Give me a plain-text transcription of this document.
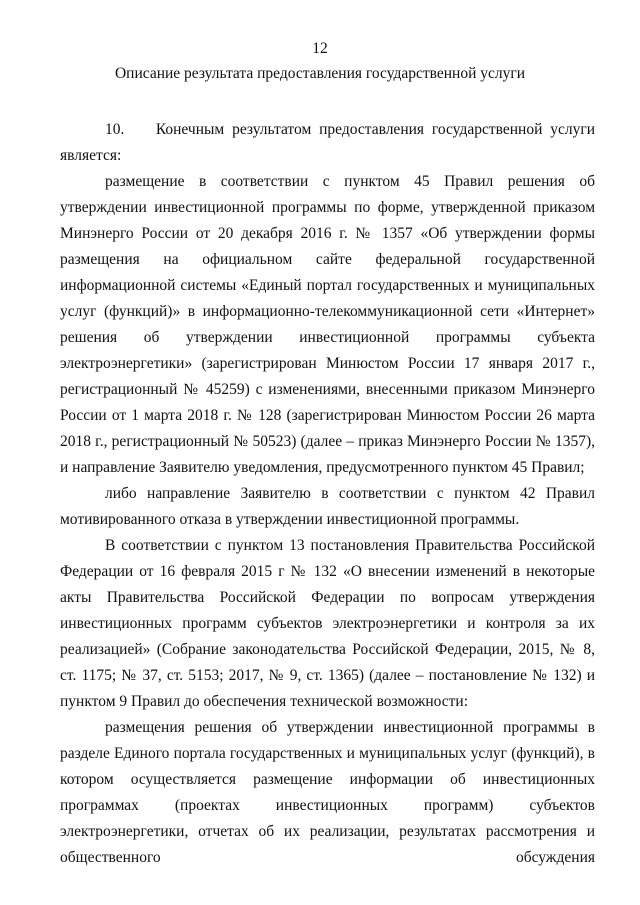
12
Описание результата предоставления государственной услуги

10.    Конечным результатом предоставления государственной услуги является:

размещение в соответствии с пунктом 45 Правил решения об утверждении инвестиционной программы по форме, утвержденной приказом Минэнерго России от 20 декабря 2016 г. № 1357 «Об утверждении формы размещения на официальном сайте федеральной государственной информационной системы «Единый портал государственных и муниципальных услуг (функций)» в информационно-телекоммуникационной сети «Интернет» решения об утверждении инвестиционной программы субъекта электроэнергетики» (зарегистрирован Минюстом России 17 января 2017 г., регистрационный № 45259) с изменениями, внесенными приказом Минэнерго России от 1 марта 2018 г. № 128 (зарегистрирован Минюстом России 26 марта 2018 г., регистрационный № 50523) (далее – приказ Минэнерго России № 1357), и направление Заявителю уведомления, предусмотренного пунктом 45 Правил;

либо направление Заявителю в соответствии с пунктом 42 Правил мотивированного отказа в утверждении инвестиционной программы.

В соответствии с пунктом 13 постановления Правительства Российской Федерации от 16 февраля 2015 г № 132 «О внесении изменений в некоторые акты Правительства Российской Федерации по вопросам утверждения инвестиционных программ субъектов электроэнергетики и контроля за их реализацией» (Собрание законодательства Российской Федерации, 2015, № 8, ст. 1175; № 37, ст. 5153; 2017, № 9, ст. 1365) (далее – постановление № 132) и пунктом 9 Правил до обеспечения технической возможности:

размещения решения об утверждении инвестиционной программы в разделе Единого портала государственных и муниципальных услуг (функций), в котором осуществляется размещение информации об инвестиционных программах (проектах инвестиционных программ) субъектов электроэнергетики, отчетах об их реализации, результатах рассмотрения и общественного обсуждения
